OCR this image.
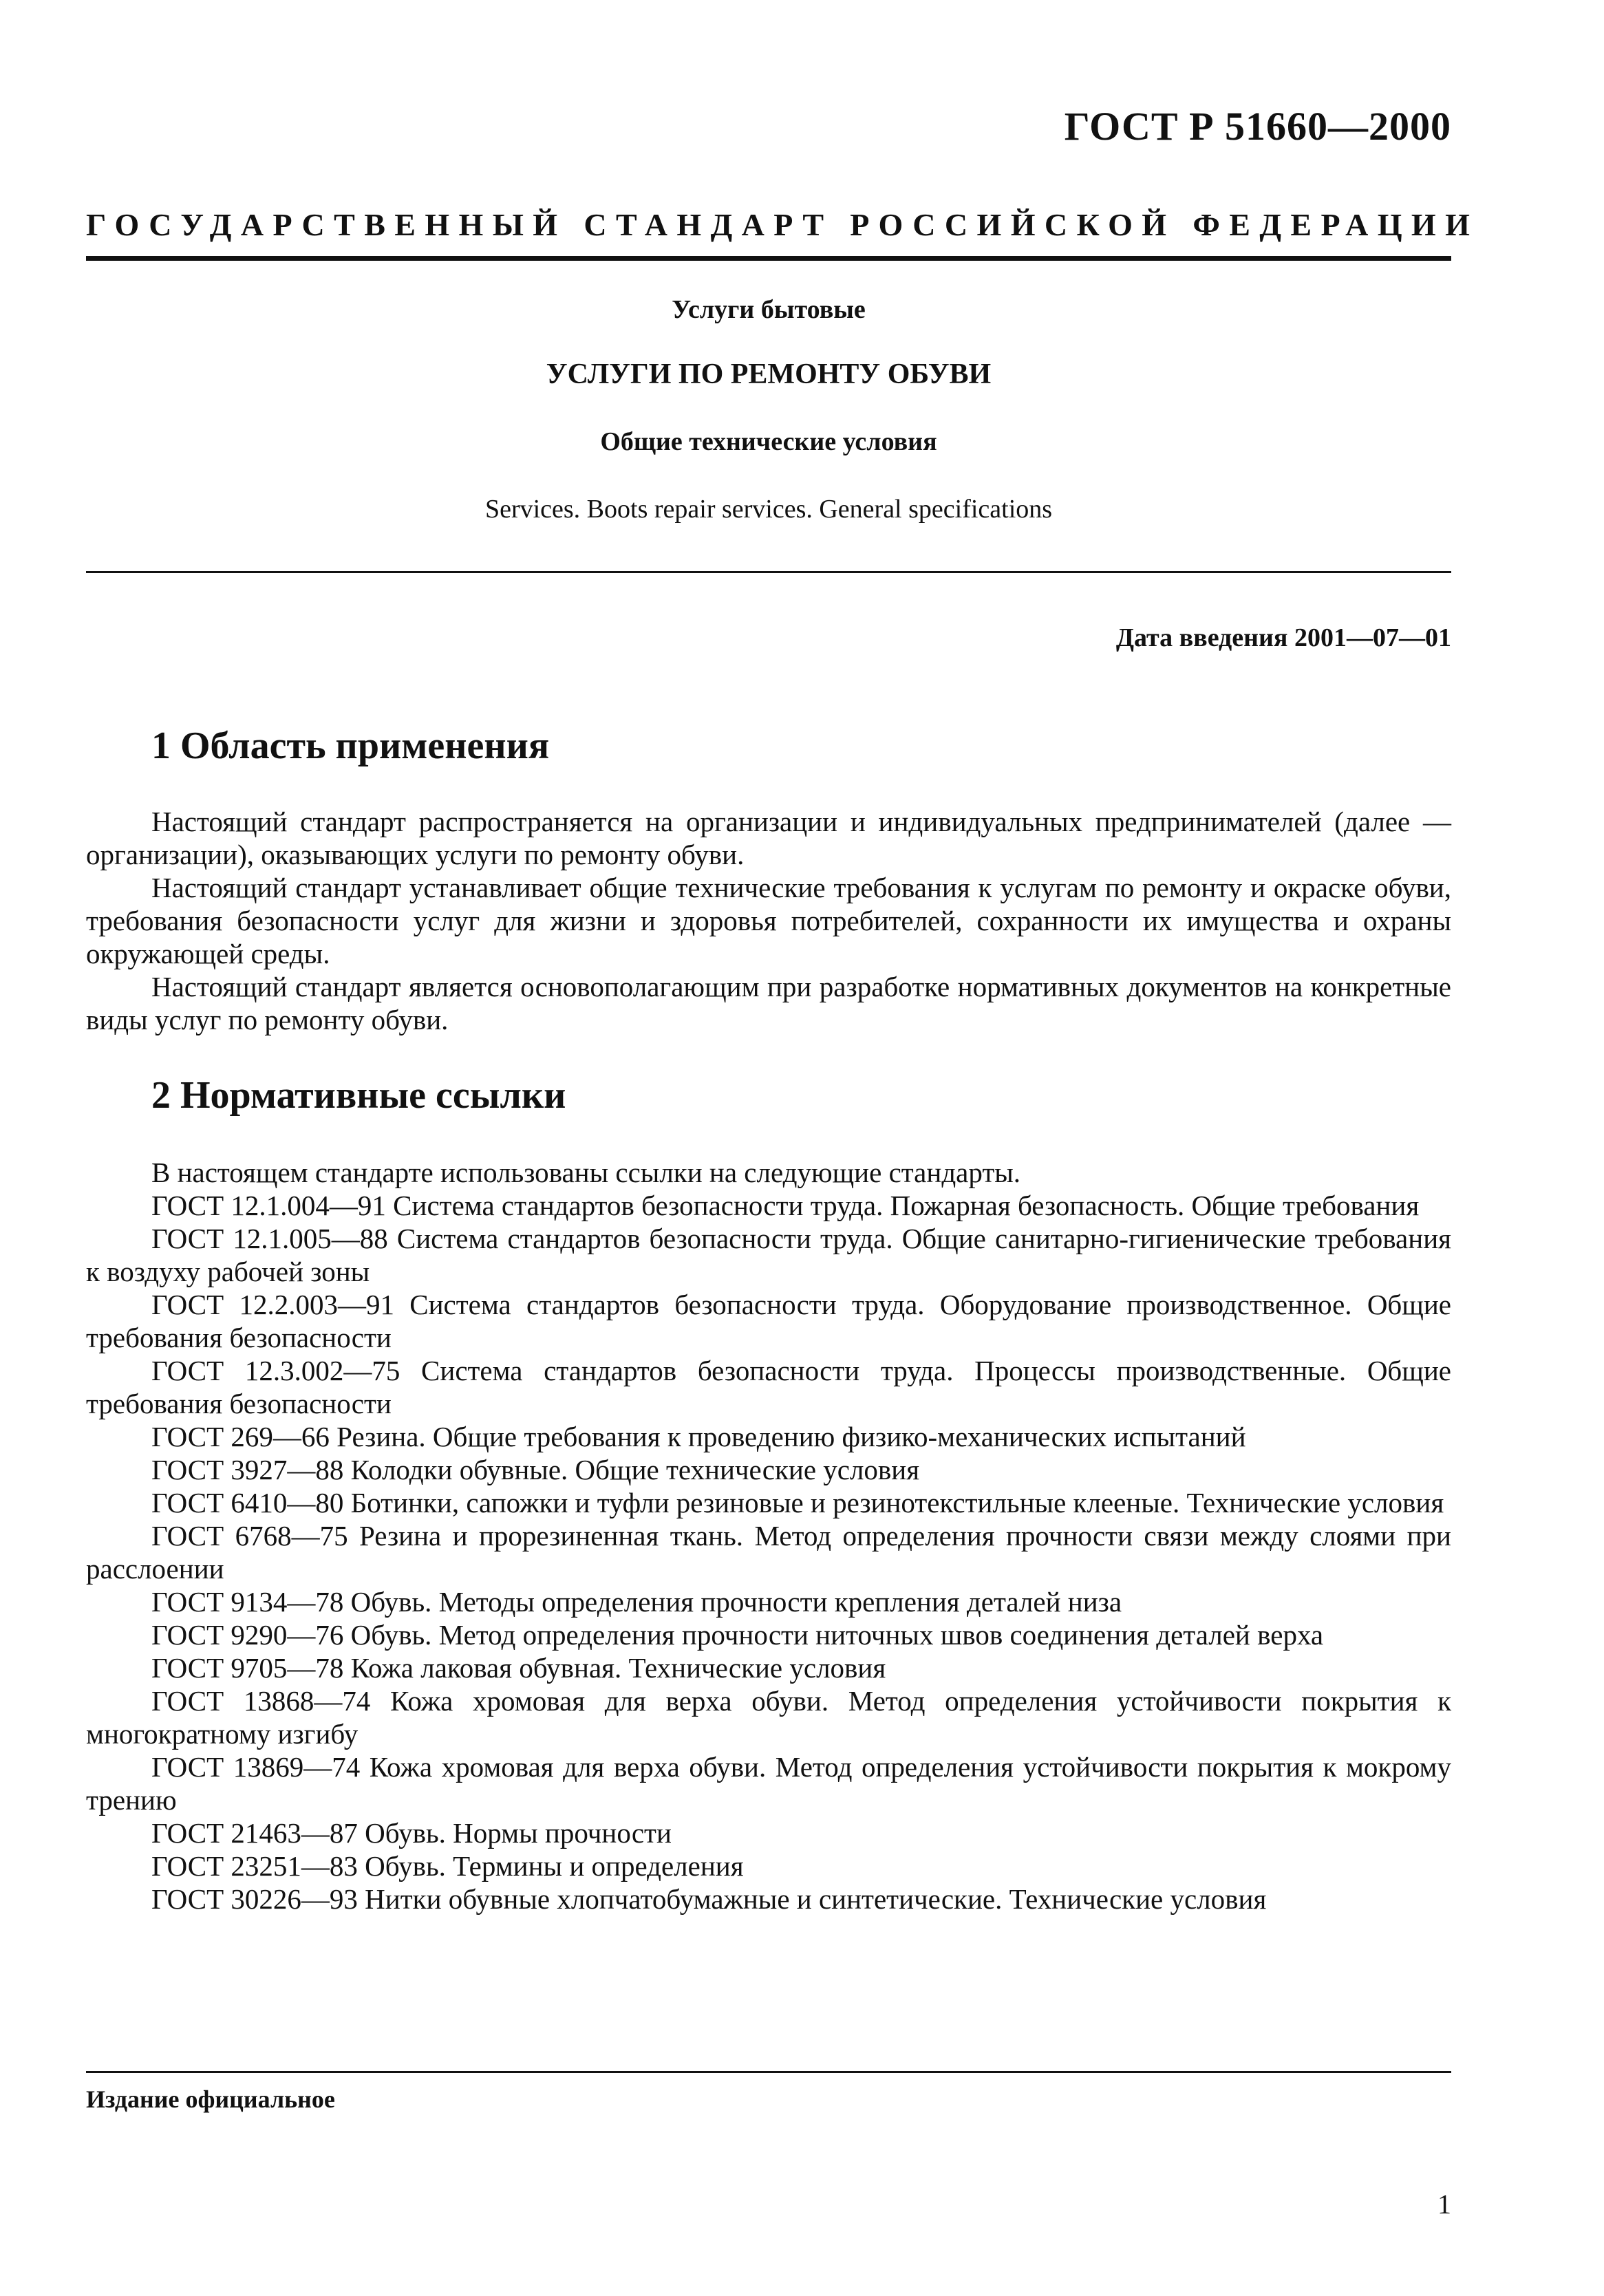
ГОСТ Р 51660—2000
ГОСУДАРСТВЕННЫЙ СТАНДАРТ РОССИЙСКОЙ ФЕДЕРАЦИИ
Услуги бытовые
УСЛУГИ ПО РЕМОНТУ ОБУВИ
Общие технические условия
Services. Boots repair services. General specifications
Дата введения 2001—07—01
1 Область применения

Настоящий стандарт распространяется на организации и индивидуальных предпринимателей (далее — организации), оказывающих услуги по ремонту обуви.

Настоящий стандарт устанавливает общие технические требования к услугам по ремонту и окраске обуви, требования безопасности услуг для жизни и здоровья потребителей, сохранности их имущества и охраны окружающей среды.

Настоящий стандарт является основополагающим при разработке нормативных документов на конкретные виды услуг по ремонту обуви.

2 Нормативные ссылки

В настоящем стандарте использованы ссылки на следующие стандарты.

ГОСТ 12.1.004—91 Система стандартов безопасности труда. Пожарная безопасность. Общие требования

ГОСТ 12.1.005—88 Система стандартов безопасности труда. Общие санитарно-гигиенические требования к воздуху рабочей зоны

ГОСТ 12.2.003—91 Система стандартов безопасности труда. Оборудование производственное. Общие требования безопасности

ГОСТ 12.3.002—75 Система стандартов безопасности труда. Процессы производственные. Общие требования безопасности

ГОСТ 269—66 Резина. Общие требования к проведению физико-механических испытаний

ГОСТ 3927—88 Колодки обувные. Общие технические условия

ГОСТ 6410—80 Ботинки, сапожки и туфли резиновые и резинотекстильные клееные. Технические условия

ГОСТ 6768—75 Резина и прорезиненная ткань. Метод определения прочности связи между слоями при расслоении

ГОСТ 9134—78 Обувь. Методы определения прочности крепления деталей низа

ГОСТ 9290—76 Обувь. Метод определения прочности ниточных швов соединения деталей верха

ГОСТ 9705—78 Кожа лаковая обувная. Технические условия

ГОСТ 13868—74 Кожа хромовая для верха обуви. Метод определения устойчивости покрытия к многократному изгибу

ГОСТ 13869—74 Кожа хромовая для верха обуви. Метод определения устойчивости покрытия к мокрому трению

ГОСТ 21463—87 Обувь. Нормы прочности

ГОСТ 23251—83 Обувь. Термины и определения

ГОСТ 30226—93 Нитки обувные хлопчатобумажные и синтетические. Технические условия

Издание официальное
1
